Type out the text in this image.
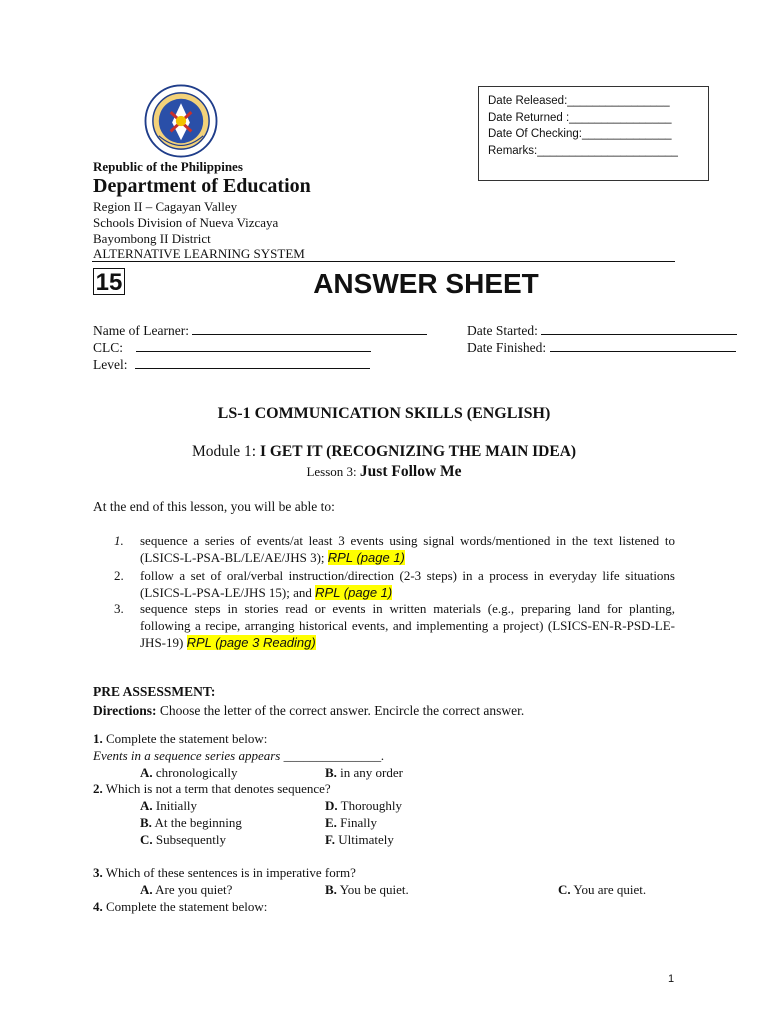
Date Released:________________
Date Returned :________________
Date Of Checking:______________
Remarks:______________________
Republic of the Philippines
Department of Education
Region II – Cagayan Valley
Schools Division of Nueva Vizcaya
Bayombong II District
ALTERNATIVE LEARNING SYSTEM
15	ANSWER SHEET
Name of Learner:
CLC:
Level:
Date Started:
Date Finished:
LS-1 COMMUNICATION SKILLS (ENGLISH)
Module 1: I GET IT (RECOGNIZING THE MAIN IDEA)
Lesson 3: Just Follow Me
At the end of this lesson, you will be able to:
1. sequence a series of events/at least 3 events using signal words/mentioned in the text listened to (LSICS-L-PSA-BL/LE/AE/JHS 3); RPL (page 1)
2. follow a set of oral/verbal instruction/direction (2-3 steps) in a process in everyday life situations (LSICS-L-PSA-LE/JHS 15); and RPL (page 1)
3. sequence steps in stories read or events in written materials (e.g., preparing land for planting, following a recipe, arranging historical events, and implementing a project) (LSICS-EN-R-PSD-LE-JHS-19) RPL (page 3 Reading)
PRE ASSESSMENT:
Directions: Choose the letter of the correct answer. Encircle the correct answer.
1. Complete the statement below:
Events in a sequence series appears _______________.
A. chronologically	B. in any order
2. Which is not a term that denotes sequence?
A. Initially	D. Thoroughly
B. At the beginning	E. Finally
C. Subsequently	F. Ultimately
3. Which of these sentences is in imperative form?
A. Are you quiet?	B. You be quiet.	C. You are quiet.
4. Complete the statement below:
1
